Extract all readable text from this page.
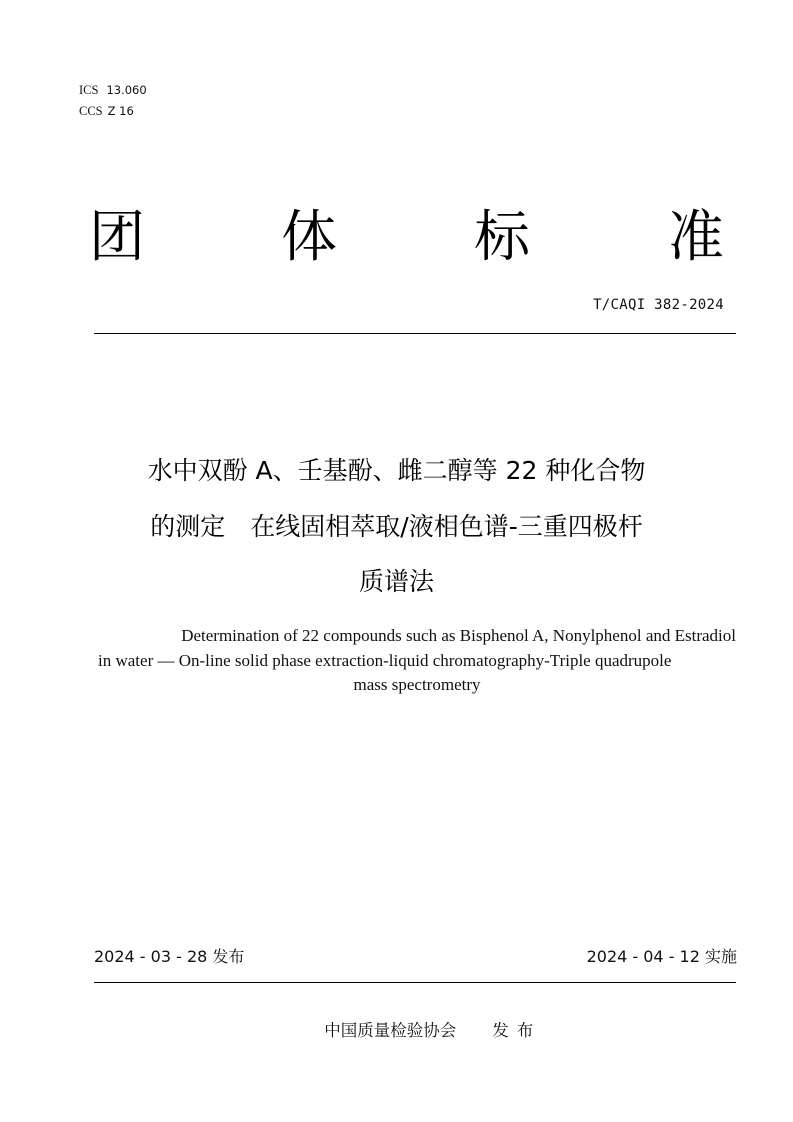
ICS 13.060
CCS Z 16
团 体 标 准
T/CAQI 382-2024
水中双酚 A、壬基酚、雌二醇等 22 种化合物
的测定　在线固相萃取/液相色谱-三重四极杆
质谱法
Determination of 22 compounds such as Bisphenol A, Nonylphenol and Estradiol
in water — On-line solid phase extraction-liquid chromatography-Triple quadrupole
mass spectrometry
2024 - 03 - 28 发布	2024 - 04 - 12 实施

中国质量检验协会 发布
